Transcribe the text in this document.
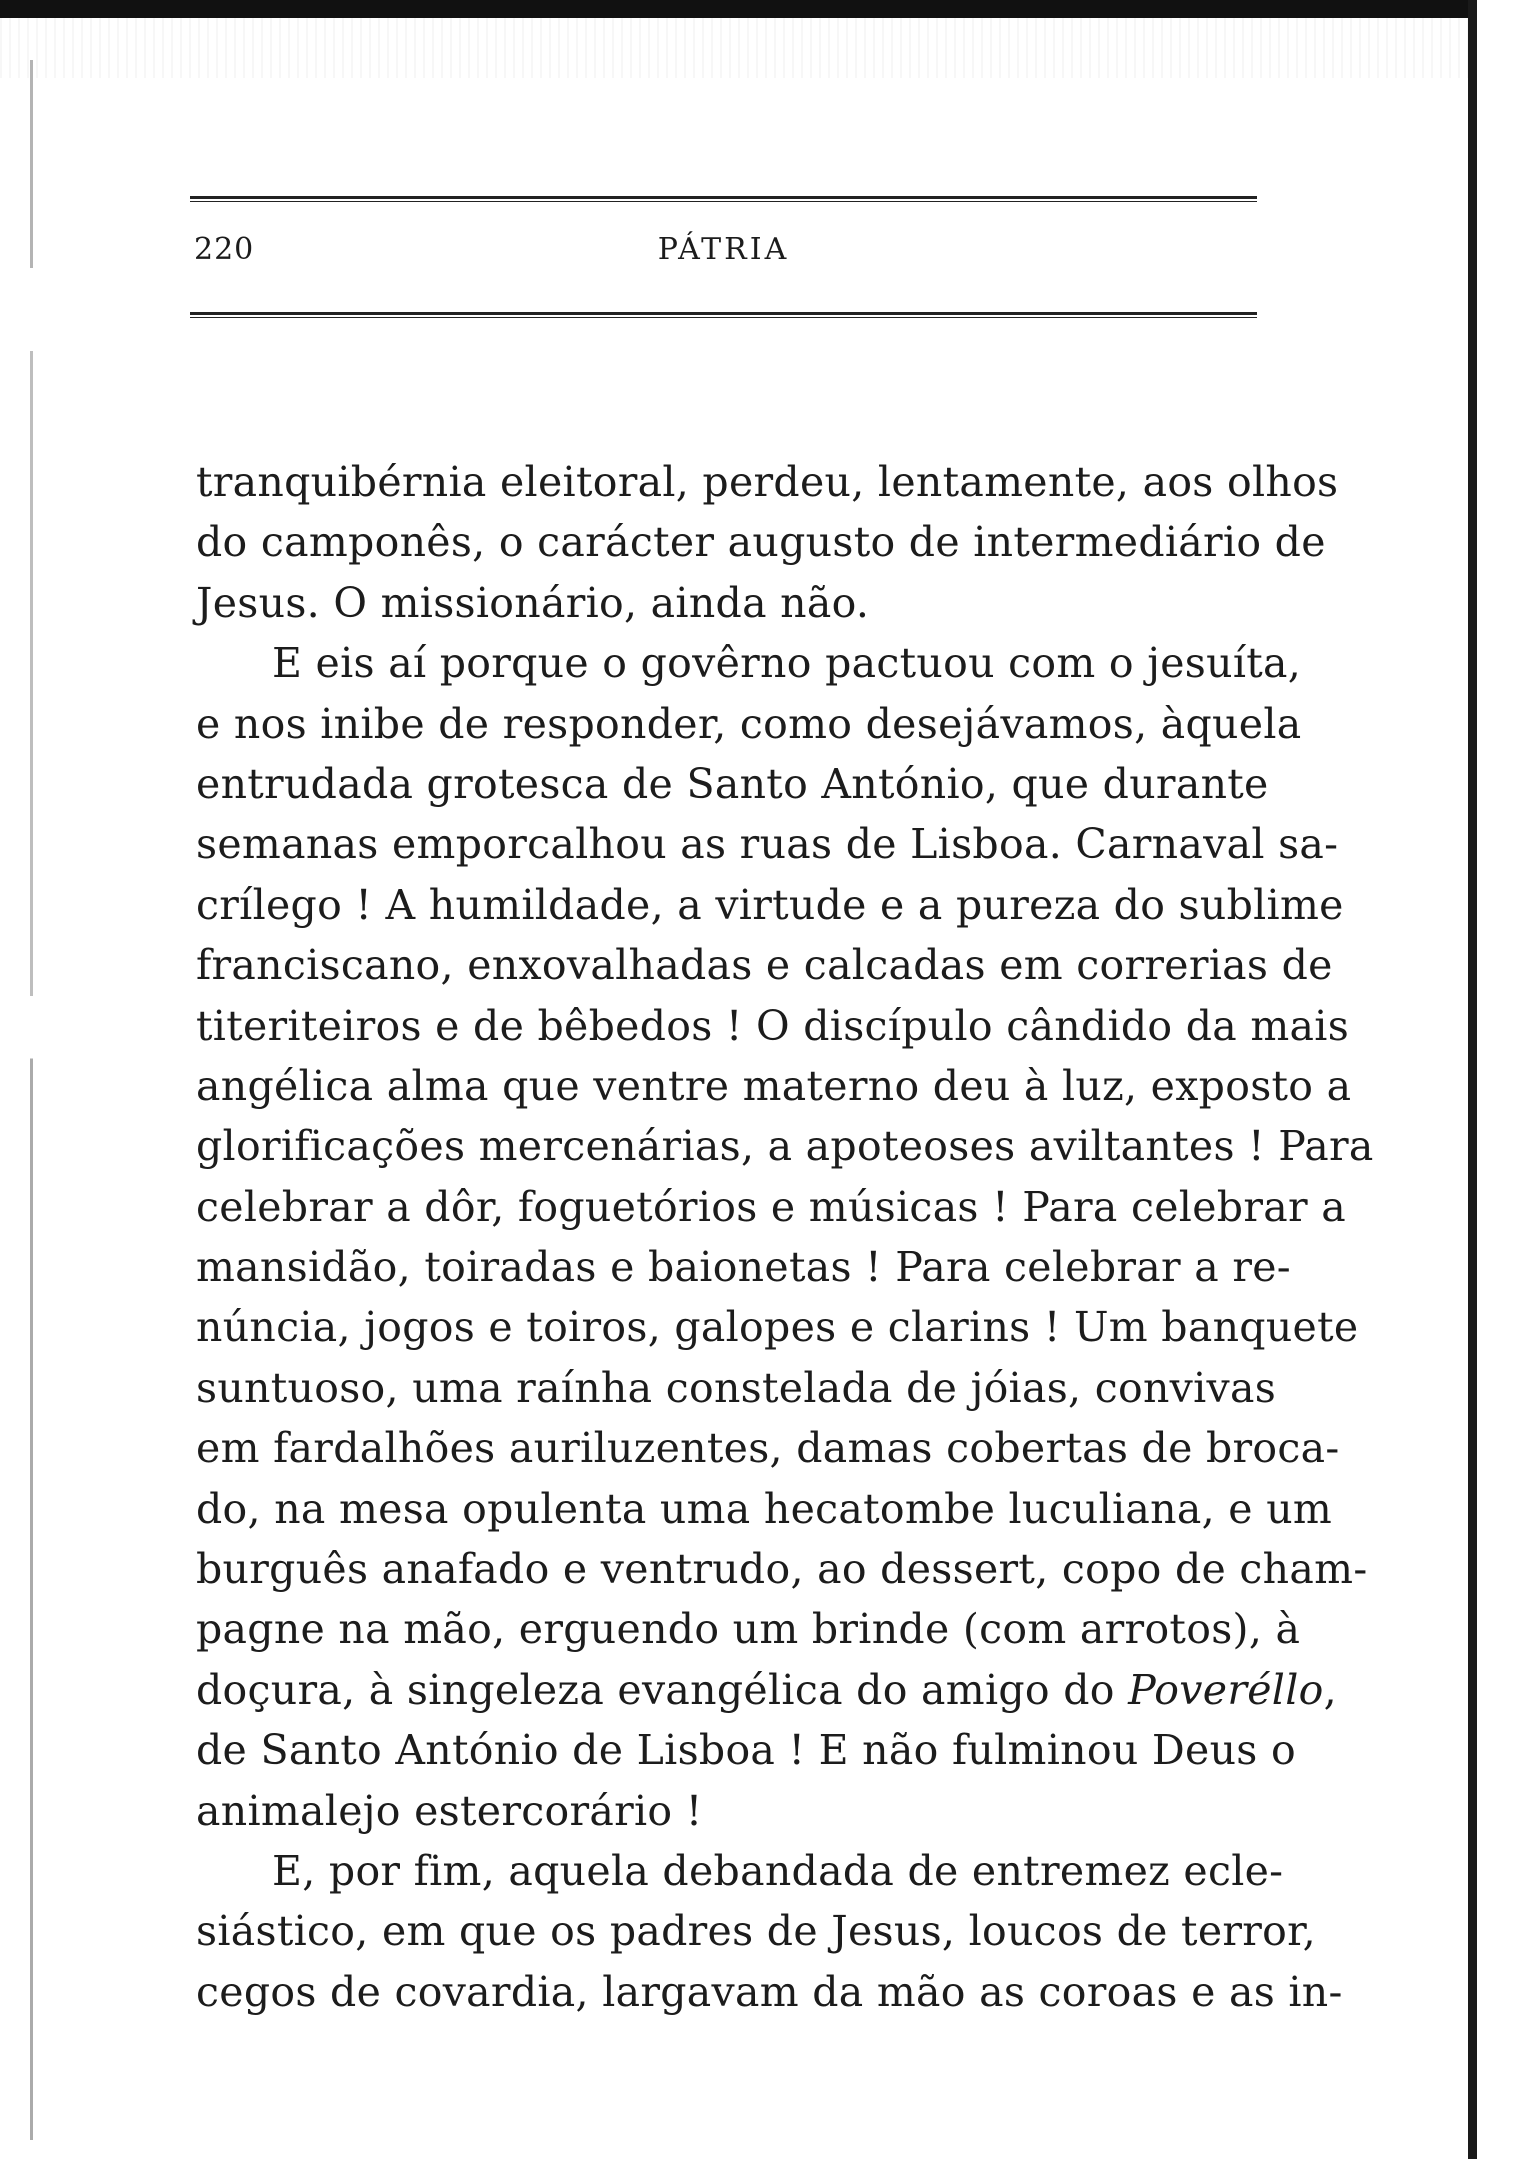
220	PÁTRIA
tranquibérnia eleitoral, perdeu, lentamente, aos olhos
do camponês, o carácter augusto de intermediário de
Jesus. O missionário, ainda não.
E eis aí porque o govêrno pactuou com o jesuíta,
e nos inibe de responder, como desejávamos, àquela
entrudada grotesca de Santo António, que durante
semanas emporcalhou as ruas de Lisboa. Carnaval sa-
crílego ! A humildade, a virtude e a pureza do sublime
franciscano, enxovalhadas e calcadas em correrias de
titeriteiros e de bêbedos ! O discípulo cândido da mais
angélica alma que ventre materno deu à luz, exposto a
glorificações mercenárias, a apoteoses aviltantes ! Para
celebrar a dôr, foguetórios e músicas ! Para celebrar a
mansidão, toiradas e baionetas ! Para celebrar a re-
núncia, jogos e toiros, galopes e clarins ! Um banquete
suntuoso, uma raínha constelada de jóias, convivas
em fardalhões auriluzentes, damas cobertas de broca-
do, na mesa opulenta uma hecatombe luculiana, e um
burguês anafado e ventrudo, ao dessert, copo de cham-
pagne na mão, erguendo um brinde (com arrotos), à
doçura, à singeleza evangélica do amigo do Poveréllo,
de Santo António de Lisboa ! E não fulminou Deus o
animalejo estercorário !
E, por fim, aquela debandada de entremez ecle-
siástico, em que os padres de Jesus, loucos de terror,
cegos de covardia, largavam da mão as coroas e as in-
